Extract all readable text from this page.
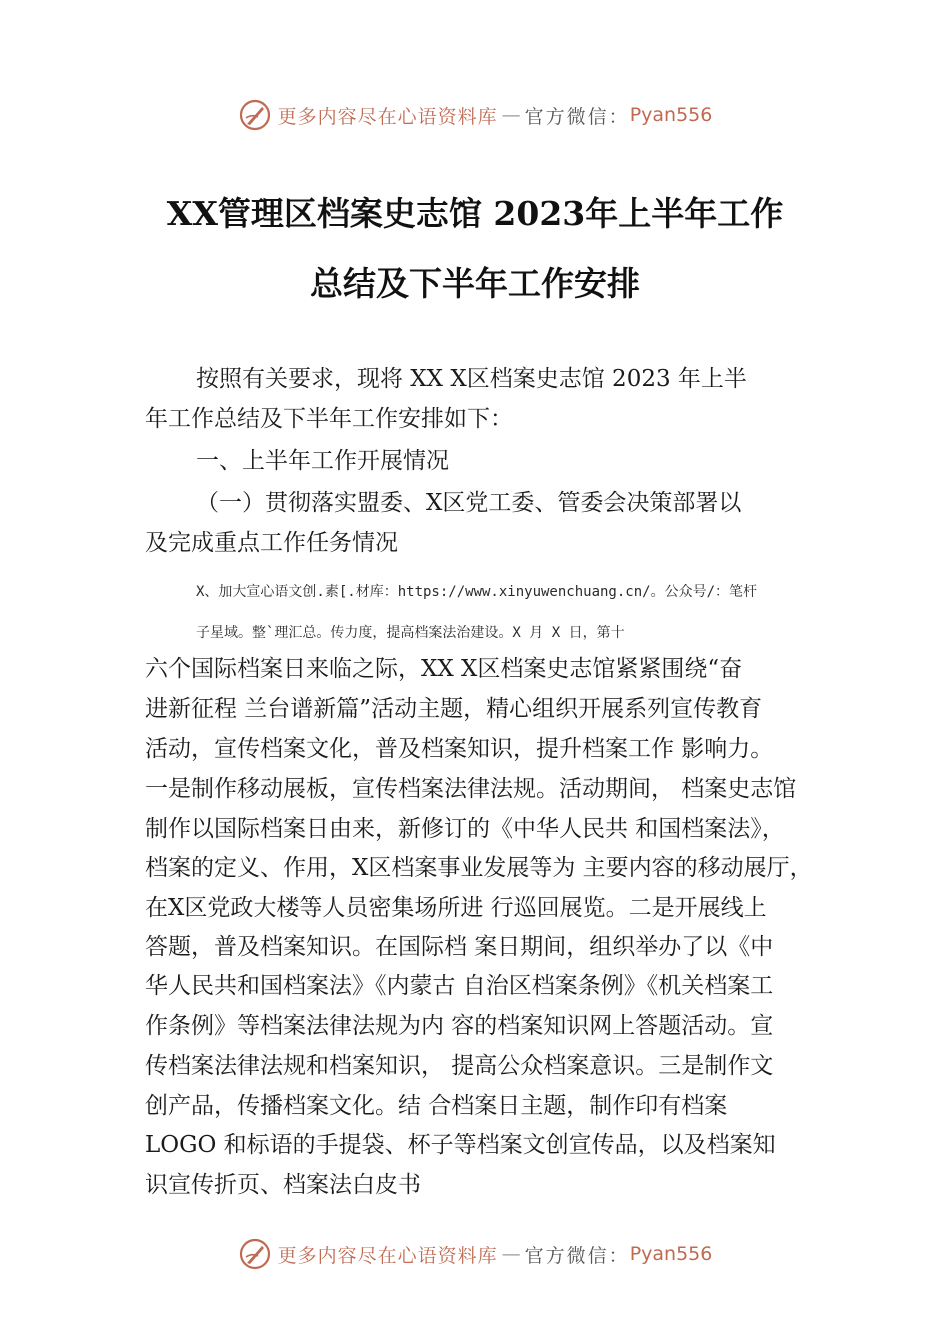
更多内容尽在心语资料库 — 官方微信： Pyan556
XX管理区档案史志馆 2023年上半年工作
总结及下半年工作安排
按照有关要求，现将 XX X区档案史志馆 2023 年上半
年工作总结及下半年工作安排如下：
一、上半年工作开展情况
（一）贯彻落实盟委、X区党工委、管委会决策部署以
及完成重点工作任务情况
X、加大宣心语文创.素[.材库：https://www.xinyuwenchuang.cn/。公众号/：笔杆
子星域。整`理汇总。传力度，提高档案法治建设。X 月 X 日，第十
六个国际档案日来临之际，XX X区档案史志馆紧紧围绕“奋
进新征程 兰台谱新篇”活动主题，精心组织开展系列宣传教育
活动，宣传档案文化，普及档案知识，提升档案工作 影响力。
一是制作移动展板，宣传档案法律法规。活动期间， 档案史志馆
制作以国际档案日由来，新修订的《中华人民共 和国档案法》，
档案的定义、作用，X区档案事业发展等为 主要内容的移动展厅，
在X区党政大楼等人员密集场所进 行巡回展览。二是开展线上
答题，普及档案知识。在国际档 案日期间，组织举办了以《中
华人民共和国档案法》《内蒙古 自治区档案条例》《机关档案工
作条例》等档案法律法规为内 容的档案知识网上答题活动。宣
传档案法律法规和档案知识， 提高公众档案意识。三是制作文
创产品，传播档案文化。结 合档案日主题，制作印有档案
LOGO 和标语的手提袋、杯子等档案文创宣传品，以及档案知
识宣传折页、档案法白皮书
更多内容尽在心语资料库 — 官方微信： Pyan556
